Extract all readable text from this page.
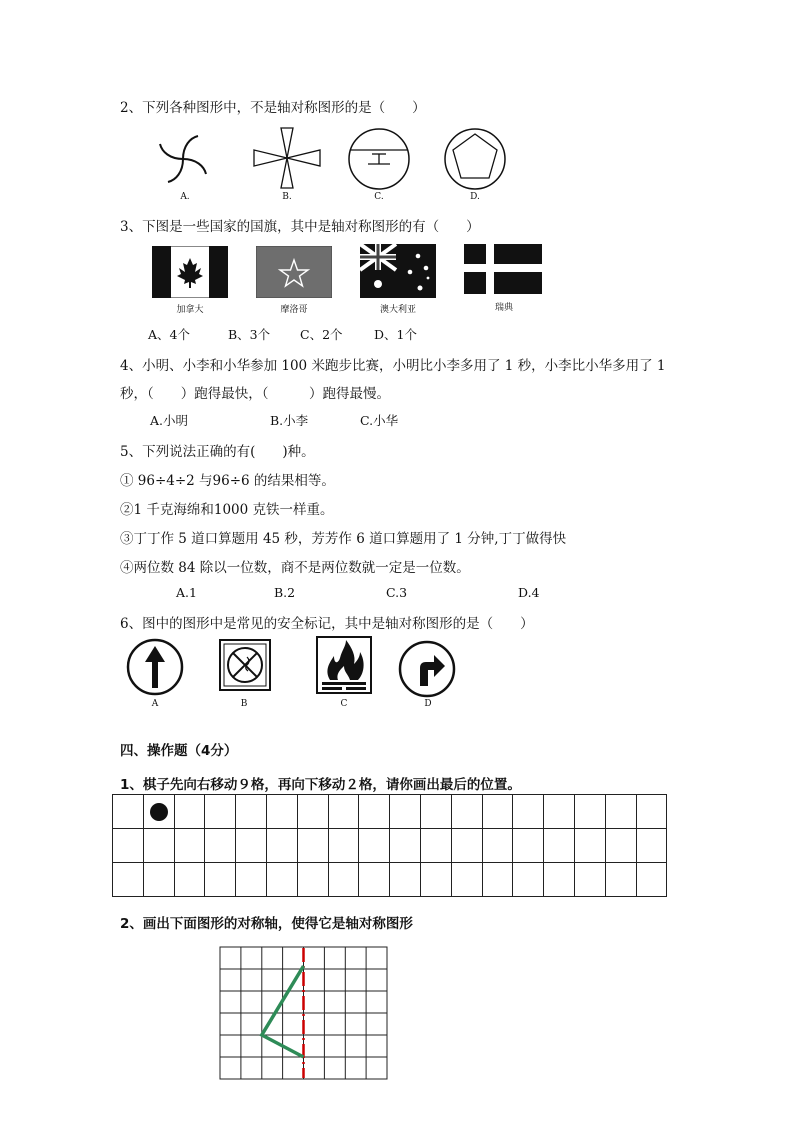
2、下列各种图形中，不是轴对称图形的是（　　）
A.	B.	C.	D.
3、下图是一些国家的国旗，其中是轴对称图形的有（　　）
加拿大	摩洛哥	澳大利亚	瑞典
A、4个	B、3个 C、2个	D、1个
4、小明、小李和小华参加 100 米跑步比赛，小明比小李多用了 1 秒，小李比小华多用了 1
秒，（　　）跑得最快，（　　　）跑得最慢。
A.小明	B.小李	C.小华
5、下列说法正确的有(　　)种。
① 96÷4÷2 与96÷6 的结果相等。
②1 千克海绵和1000 克铁一样重。
③丁丁作 5 道口算题用 45 秒，芳芳作 6 道口算题用了 1 分钟,丁丁做得快
④两位数 84 除以一位数，商不是两位数就一定是一位数。
A.1	B.2	C.3	D.4
6、图中的图形中是常见的安全标记，其中是轴对称图形的是（　　）
A	B	C	D
四、操作题（4分）
1、棋子先向右移动９格，再向下移动２格，请你画出最后的位置。

2、画出下面图形的对称轴，使得它是轴对称图形
